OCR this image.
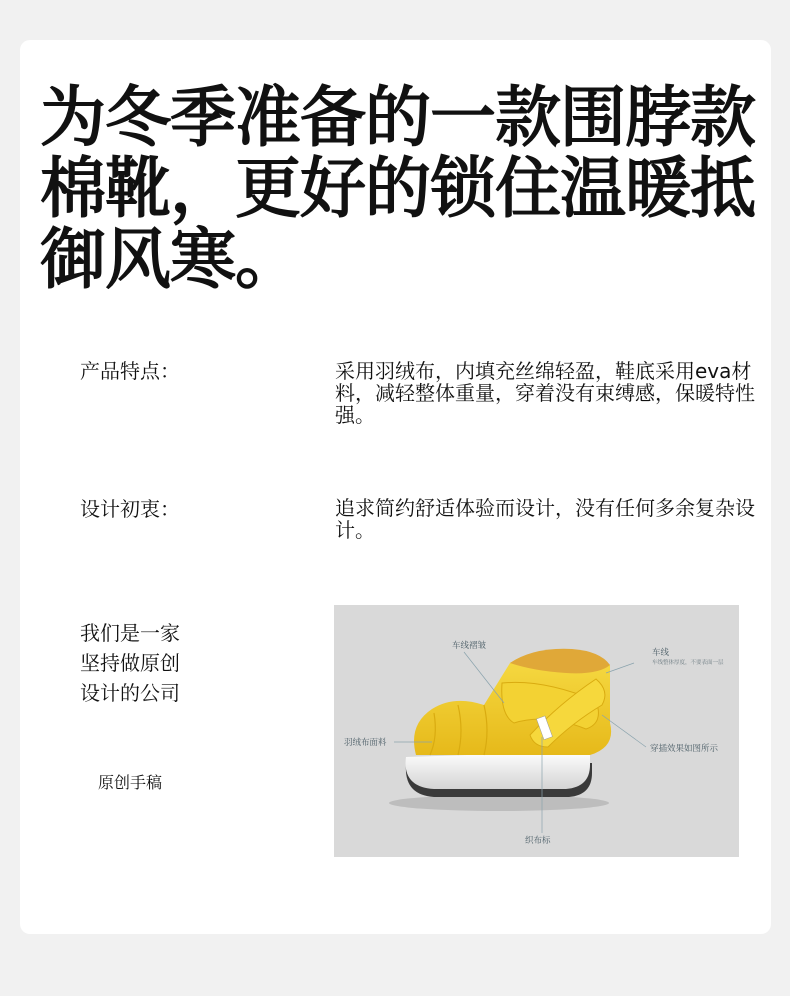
为冬季准备的一款围脖款
棉靴，更好的锁住温暖抵
御风寒。
产品特点：	采用羽绒布，内填充丝绵轻盈，鞋底采用eva材料，减轻整体重量，穿着没有束缚感，保暖特性强。
设计初衷：	追求简约舒适体验而设计，没有任何多余复杂设计。
我们是一家
坚持做原创
设计的公司
原创手稿
车线褶皱
车线
车线整体厚度，不要表面一层
羽绒布面料
穿插效果如图所示
织布标
